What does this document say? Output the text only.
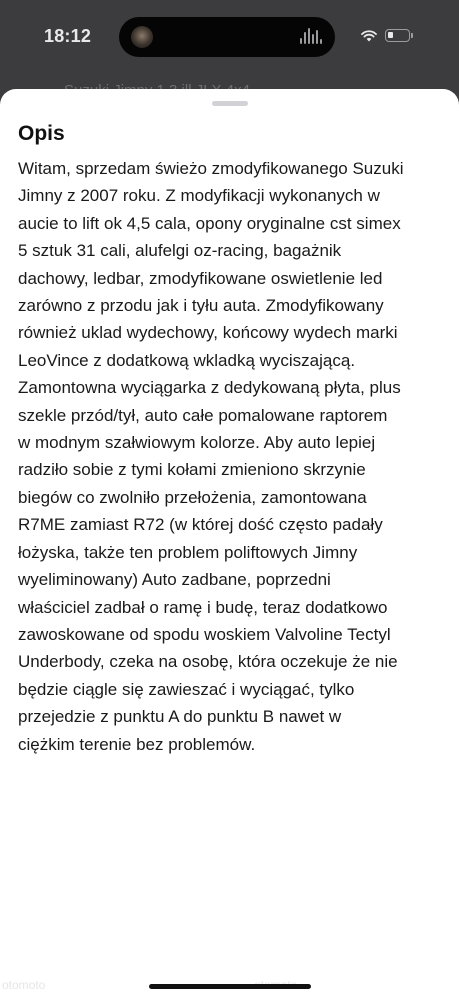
18:12
Opis

Witam, sprzedam świeżo zmodyfikowanego Suzuki
Jimny z 2007 roku. Z modyfikacji wykonanych w
aucie to lift ok 4,5 cala, opony oryginalne cst simex
5 sztuk 31 cali, alufelgi oz-racing, bagażnik
dachowy, ledbar, zmodyfikowane oswietlenie led
zarówno z przodu jak i tyłu auta. Zmodyfikowany
również uklad wydechowy, końcowy wydech marki
LeoVince z dodatkową wkladką wyciszającą.
Zamontowna wyciągarka z dedykowaną płyta, plus
szekle przód/tył, auto całe pomalowane raptorem
w modnym szałwiowym kolorze. Aby auto lepiej
radziło sobie z tymi kołami zmieniono skrzynie
biegów co zwolniło przełożenia, zamontowana
R7ME zamiast R72 (w której dość często padały
łożyska, także ten problem poliftowych Jimny
wyeliminowany) Auto zadbane, poprzedni
właściciel zadbał o ramę i budę, teraz dodatkowo
zawoskowane od spodu woskiem Valvoline Tectyl
Underbody, czeka na osobę, która oczekuje że nie
będzie ciągle się zawieszać i wyciągać, tylko
przejedzie z punktu A do punktu B nawet w
ciężkim terenie bez problemów.

otomoto
